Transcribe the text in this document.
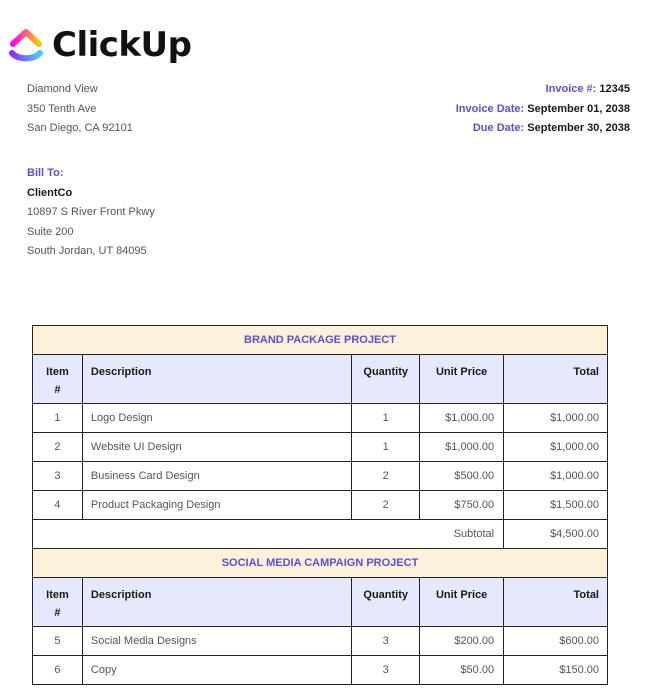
ClickUp
Diamond View
350 Tenth Ave
San Diego, CA 92101
Invoice #: 12345
Invoice Date: September 01, 2038
Due Date: September 30, 2038
Bill To:
ClientCo
10897 S River Front Pkwy
Suite 200
South Jordan, UT 84095
BRAND PACKAGE PROJECT				

Item
#	Description	Quantity	Unit Price	Total
1	Logo Design	1	$1,000.00	$1,000.00
2	Website UI Design	1	$1,000.00	$1,000.00
3	Business Card Design	2	$500.00	$1,000.00
4	Product Packaging Design	2	$750.00	$1,500.00
Subtotal				$4,500.00
SOCIAL MEDIA CAMPAIGN PROJECT				

Item
#	Description	Quantity	Unit Price	Total
5	Social Media Designs	3	$200.00	$600.00
6	Copy	3	$50.00	$150.00
